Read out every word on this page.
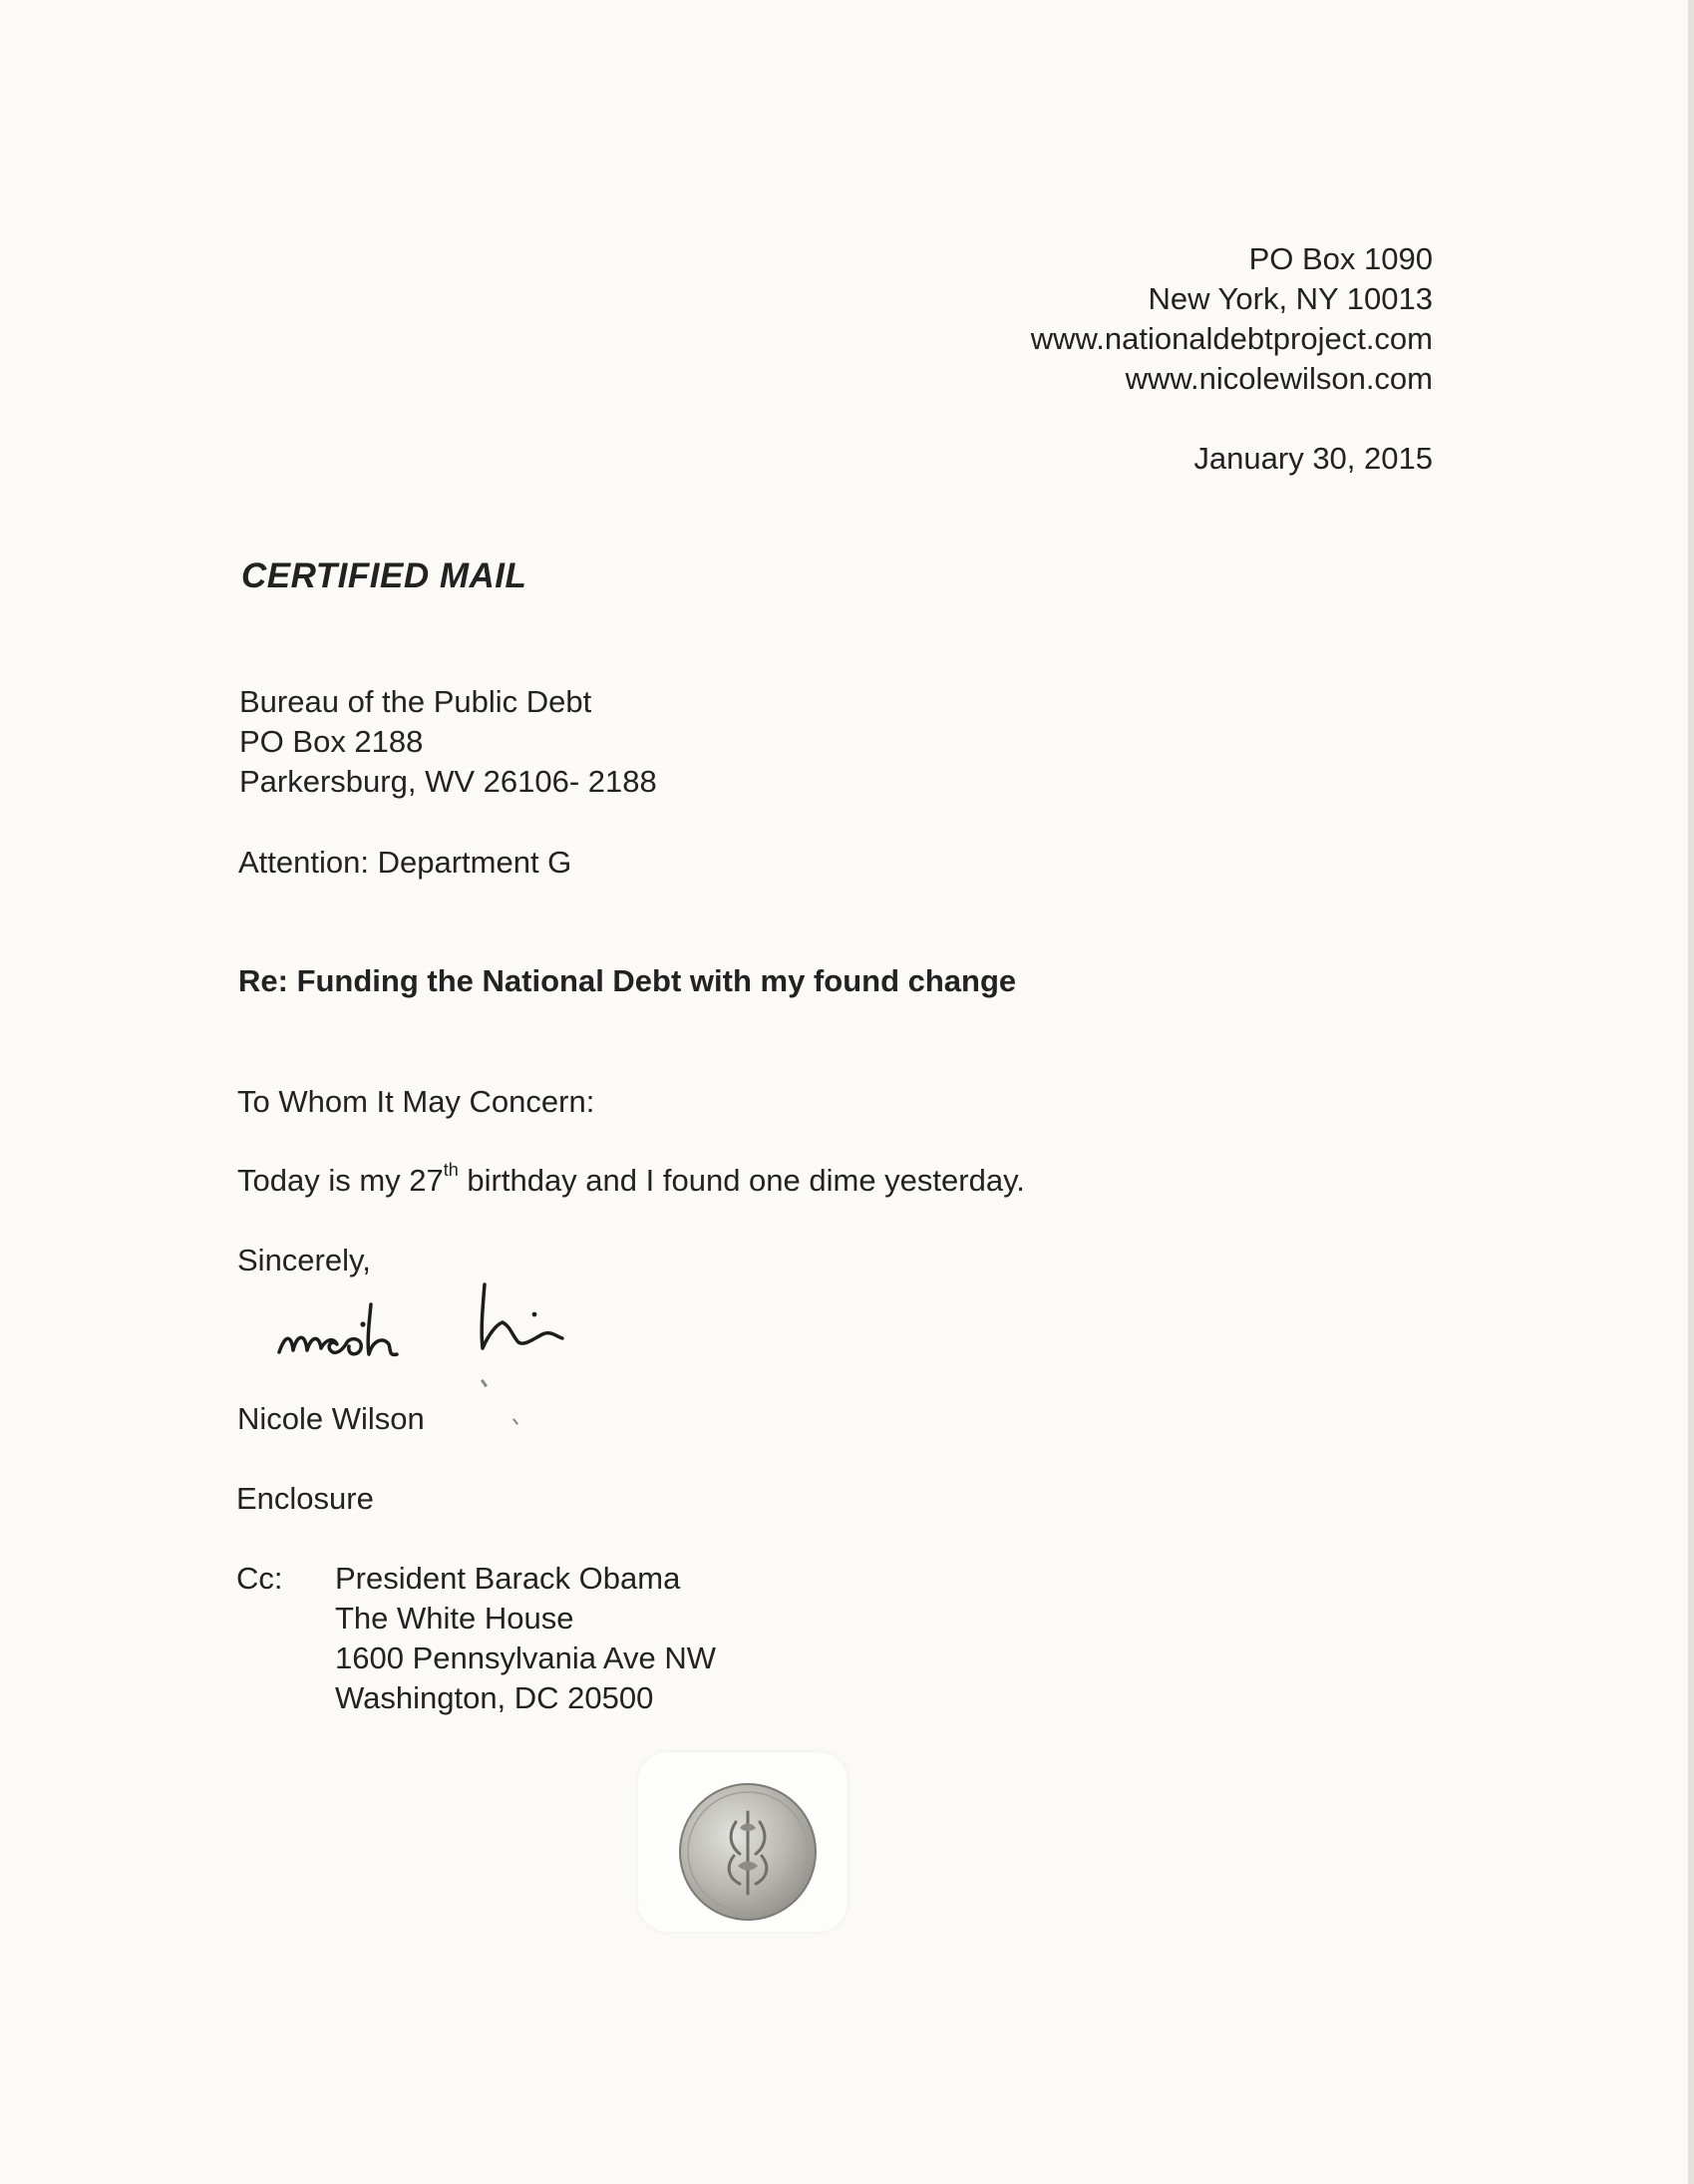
PO Box 1090
New York, NY 10013
www.nationaldebtproject.com
www.nicolewilson.com
January 30, 2015
CERTIFIED MAIL
Bureau of the Public Debt
PO Box 2188
Parkersburg, WV 26106- 2188

Attention: Department G

Re: Funding the National Debt with my found change

To Whom It May Concern:

Today is my 27th birthday and I found one dime yesterday.

Sincerely,

Nicole Wilson

Enclosure

Cc: President Barack Obama
The White House
1600 Pennsylvania Ave NW
Washington, DC 20500
